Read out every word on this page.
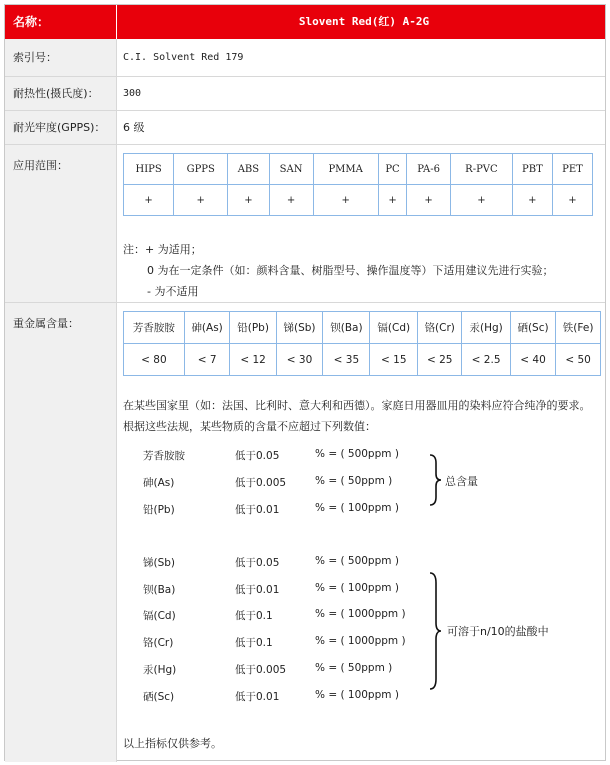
名称：	Slovent Red(红) A-2G
索引号：	C.I. Solvent Red 179
耐热性(摄氏度)：	300
耐光牢度(GPPS)：	6 级
应用范围：	HIPS	GPPS	ABS	SAN	PMMA	PC	PA-6	R-PVC	PBT	PET
+	+	+	+	+	+	+	+	+	+
注：+ 为适用；
0 为在一定条件（如：颜料含量、树脂型号、操作温度等）下适用建议先进行实验；
- 为不适用
重金属含量：	芳香胺胺	砷(As)	铅(Pb)	锑(Sb)	钡(Ba)	镉(Cd)	铬(Cr)	汞(Hg)	硒(Sc)	铁(Fe)
< 80	< 7	< 12	< 30	< 35	< 15	< 25	< 2.5	< 40	< 50
在某些国家里（如：法国、比利时、意大利和西德）。家庭日用器皿用的染料应符合纯净的要求。根据这些法规，某些物质的含量不应超过下列数值：
芳香胺胺	低于0.05	% = ( 500ppm )
砷(As)	低于0.005	% = ( 50ppm )
铅(Pb)	低于0.01	% = ( 100ppm )
总含量
锑(Sb)	低于0.05	% = ( 500ppm )
钡(Ba)	低于0.01	% = ( 100ppm )
镉(Cd)	低于0.1	% = ( 1000ppm )
铬(Cr)	低于0.1	% = ( 1000ppm )
汞(Hg)	低于0.005	% = ( 50ppm )
硒(Sc)	低于0.01	% = ( 100ppm )
可溶于n/10的盐酸中
以上指标仅供参考。
